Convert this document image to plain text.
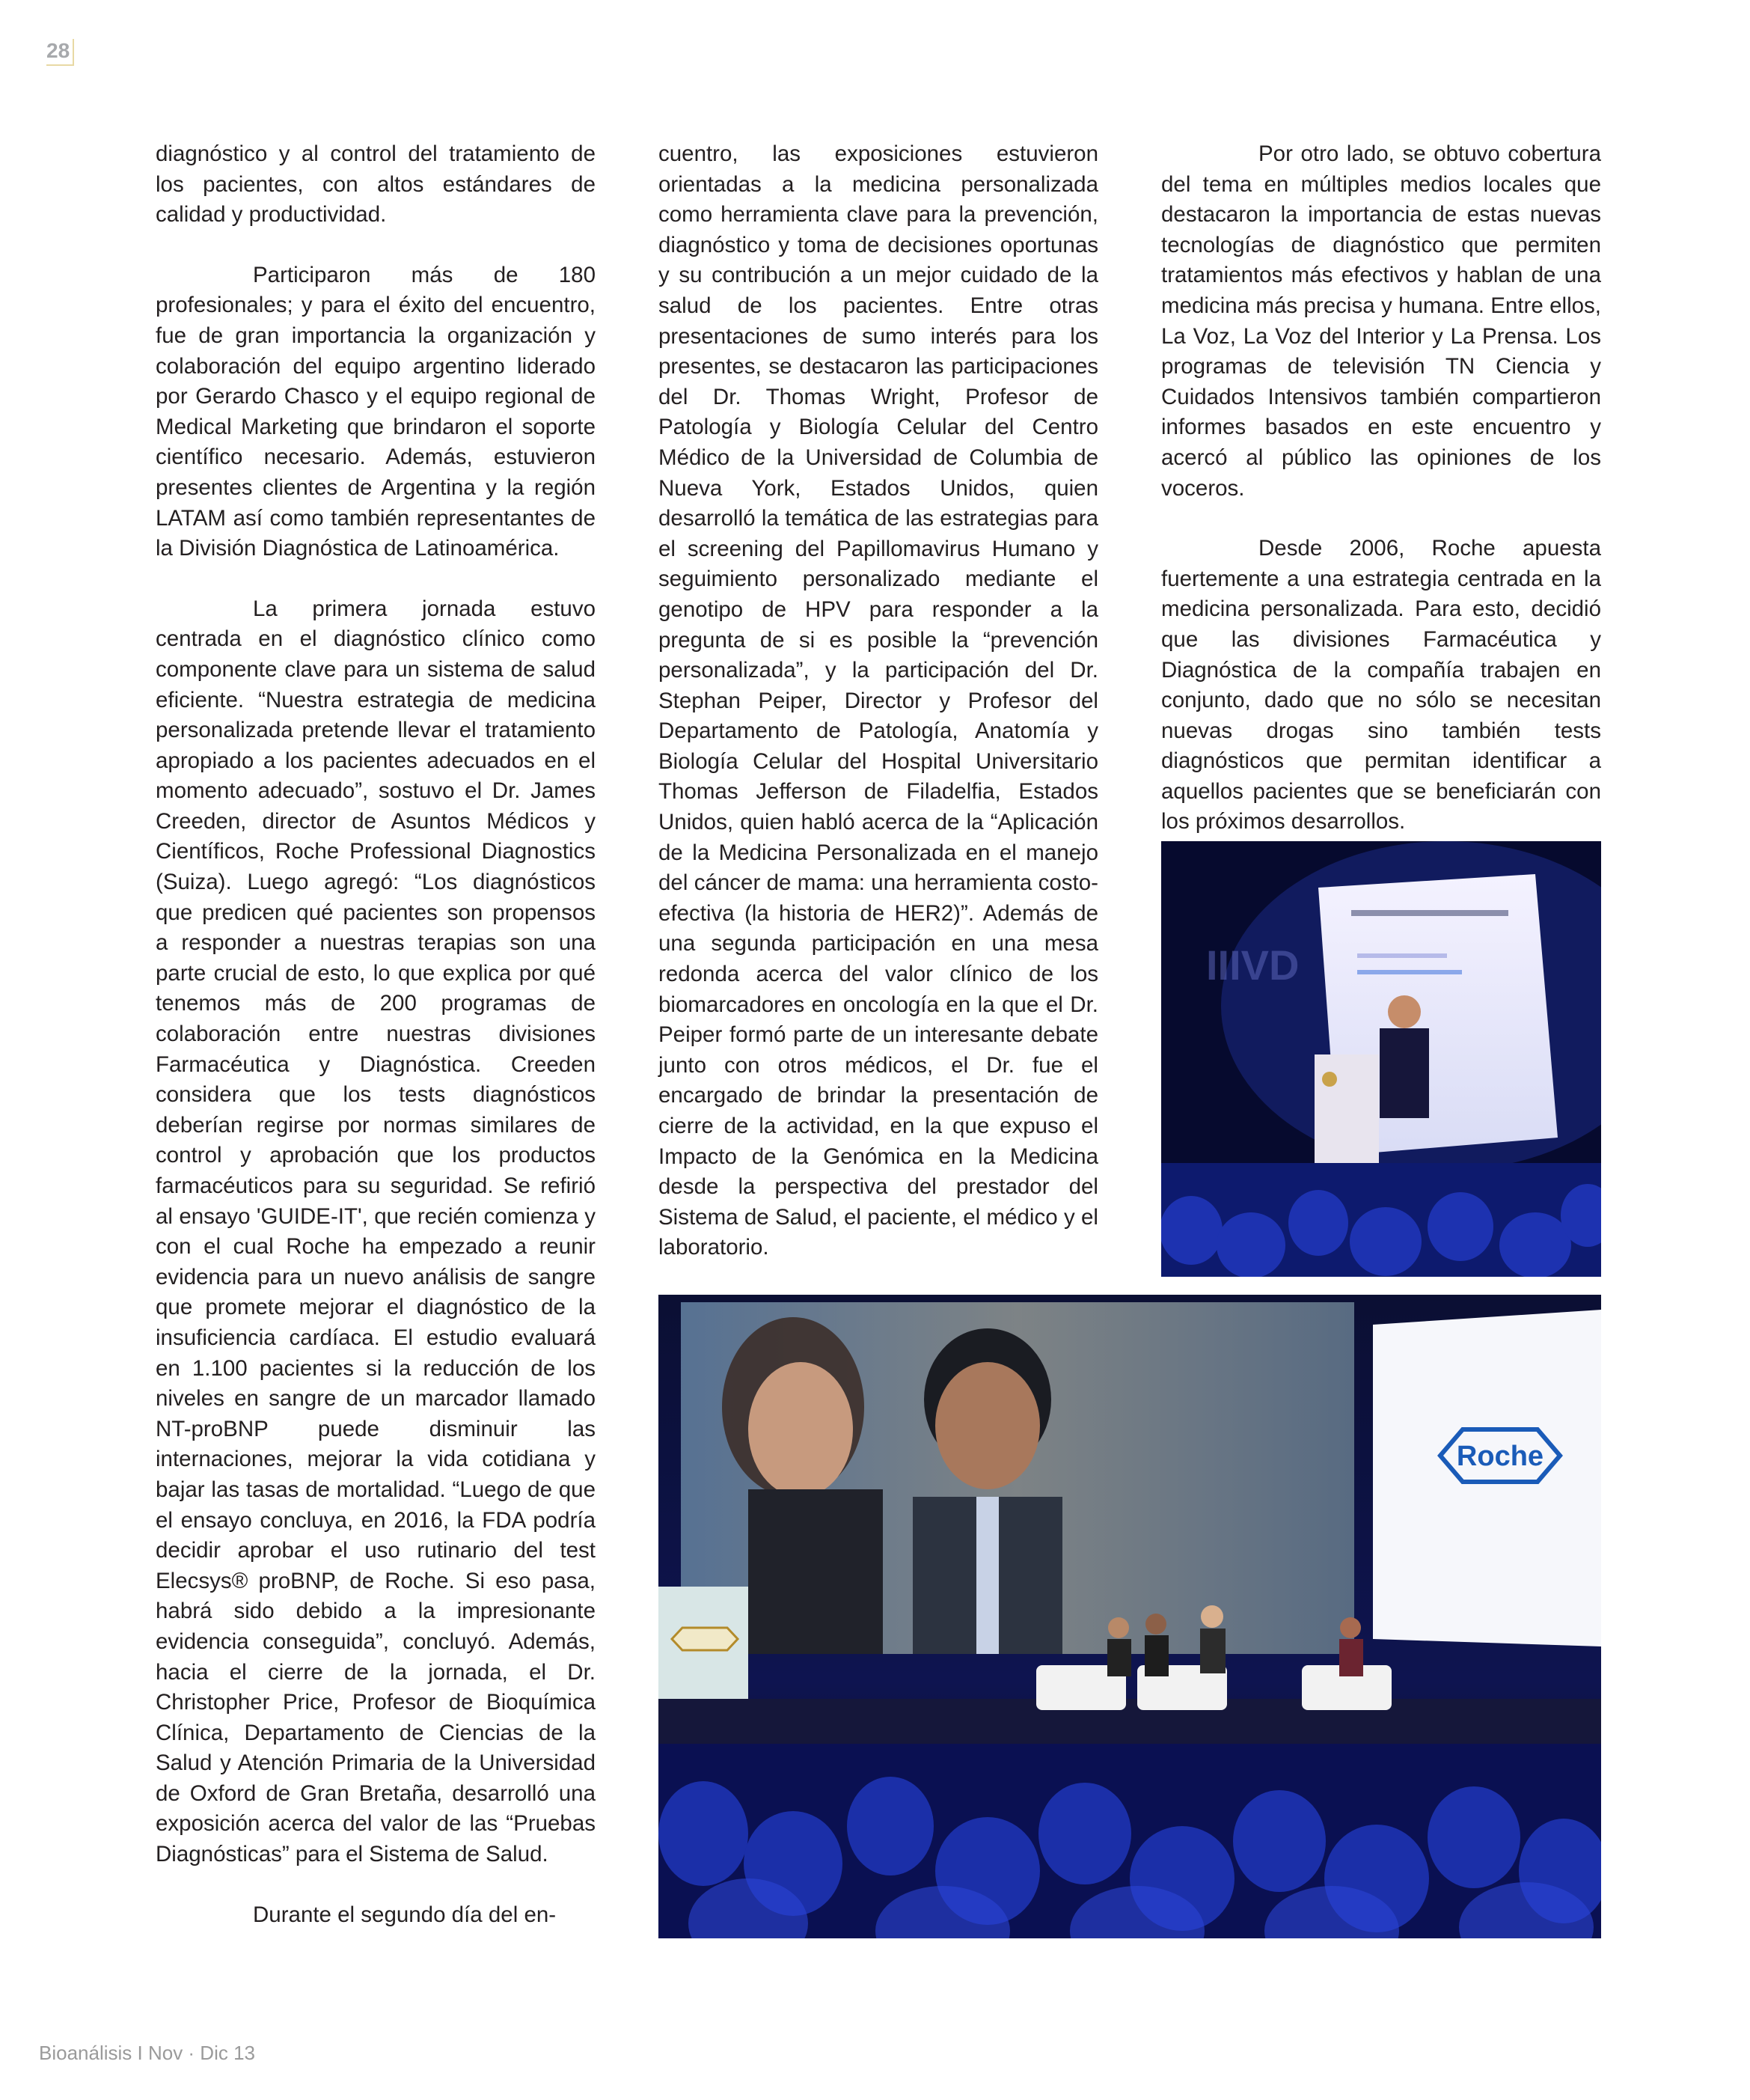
28

diagnóstico y al control del tratamiento de los pacientes, con altos estándares de calidad y productividad.

Participaron más de 180 profesionales; y para el éxito del encuentro, fue de gran importancia la organización y colaboración del equipo argentino liderado por Gerardo Chasco y el equipo regional de Medical Marketing que brindaron el soporte científico necesario. Además, estuvieron presentes clientes de Argentina y la región LATAM así como también representantes de la División Diagnóstica de Latinoamérica.

La primera jornada estuvo centrada en el diagnóstico clínico como componente clave para un sistema de salud eficiente. “Nuestra estrategia de medicina personalizada pretende llevar el tratamiento apropiado a los pacientes adecuados en el momento adecuado”, sostuvo el Dr. James Creeden, director de Asuntos Médicos y Científicos, Roche Professional Diagnostics (Suiza). Luego agregó: “Los diagnósticos que predicen qué pacientes son propensos a responder a nuestras terapias son una parte crucial de esto, lo que explica por qué tenemos más de 200 programas de colaboración entre nuestras divisiones Farmacéutica y Diagnóstica. Creeden considera que los tests diagnósticos deberían regirse por normas similares de control y aprobación que los productos farmacéuticos para su seguridad. Se refirió al ensayo 'GUIDE-IT', que recién comienza y con el cual Roche ha empezado a reunir evidencia para un nuevo análisis de sangre que promete mejorar el diagnóstico de la insuficiencia cardíaca. El estudio evaluará en 1.100 pacientes si la reducción de los niveles en sangre de un marcador llamado NT-proBNP puede disminuir las internaciones, mejorar la vida cotidiana y bajar las tasas de mortalidad. “Luego de que el ensayo concluya, en 2016, la FDA podría decidir aprobar el uso rutinario del test Elecsys® proBNP, de Roche. Si eso pasa, habrá sido debido a la impresionante evidencia conseguida”, concluyó. Además, hacia el cierre de la jornada, el Dr. Christopher Price, Profesor de Bioquímica Clínica, Departamento de Ciencias de la Salud y Atención Primaria de la Universidad de Oxford de Gran Bretaña, desarrolló una exposición acerca del valor de las “Pruebas Diagnósticas” para el Sistema de Salud.

Durante el segundo día del en-

cuentro, las exposiciones estuvieron orientadas a la medicina personalizada como herramienta clave para la prevención, diagnóstico y toma de decisiones oportunas y su contribución a un mejor cuidado de la salud de los pacientes. Entre otras presentaciones de sumo interés para los presentes, se destacaron las participaciones del Dr. Thomas Wright, Profesor de Patología y Biología Celular del Centro Médico de la Universidad de Columbia de Nueva York, Estados Unidos, quien desarrolló la temática de las estrategias para el screening del Papillomavirus Humano y seguimiento personalizado mediante el genotipo de HPV para responder a la pregunta de si es posible la “prevención personalizada”, y la participación del Dr. Stephan Peiper, Director y Profesor del Departamento de Patología, Anatomía y Biología Celular del Hospital Universitario Thomas Jefferson de Filadelfia, Estados Unidos, quien habló acerca de la “Aplicación de la Medicina Personalizada en el manejo del cáncer de mama: una herramienta costo-efectiva (la historia de HER2)”. Además de una segunda participación en una mesa redonda acerca del valor clínico de los biomarcadores en oncología en la que el Dr. Peiper formó parte de un interesante debate junto con otros médicos, el Dr. fue el encargado de brindar la presentación de cierre de la actividad, en la que expuso el Impacto de la Genómica en la Medicina desde la perspectiva del prestador del Sistema de Salud, el paciente, el médico y el laboratorio.

Por otro lado, se obtuvo cobertura del tema en múltiples medios locales que destacaron la importancia de estas nuevas tecnologías de diagnóstico que permiten tratamientos más efectivos y hablan de una medicina más precisa y humana. Entre ellos, La Voz, La Voz del Interior y La Prensa. Los programas de televisión TN Ciencia y Cuidados Intensivos también compartieron informes basados en este encuentro y acercó al público las opiniones de los voceros.

Desde 2006, Roche apuesta fuertemente a una estrategia centrada en la medicina personalizada. Para esto, decidió que las divisiones Farmacéutica y Diagnóstica de la compañía trabajen en conjunto, dado que no sólo se necesitan nuevas drogas sino también tests diagnósticos que permitan identificar a aquellos pacientes que se beneficiarán con los próximos desarrollos.

IIIVD
Roche
Bioanálisis I Nov · Dic 13
